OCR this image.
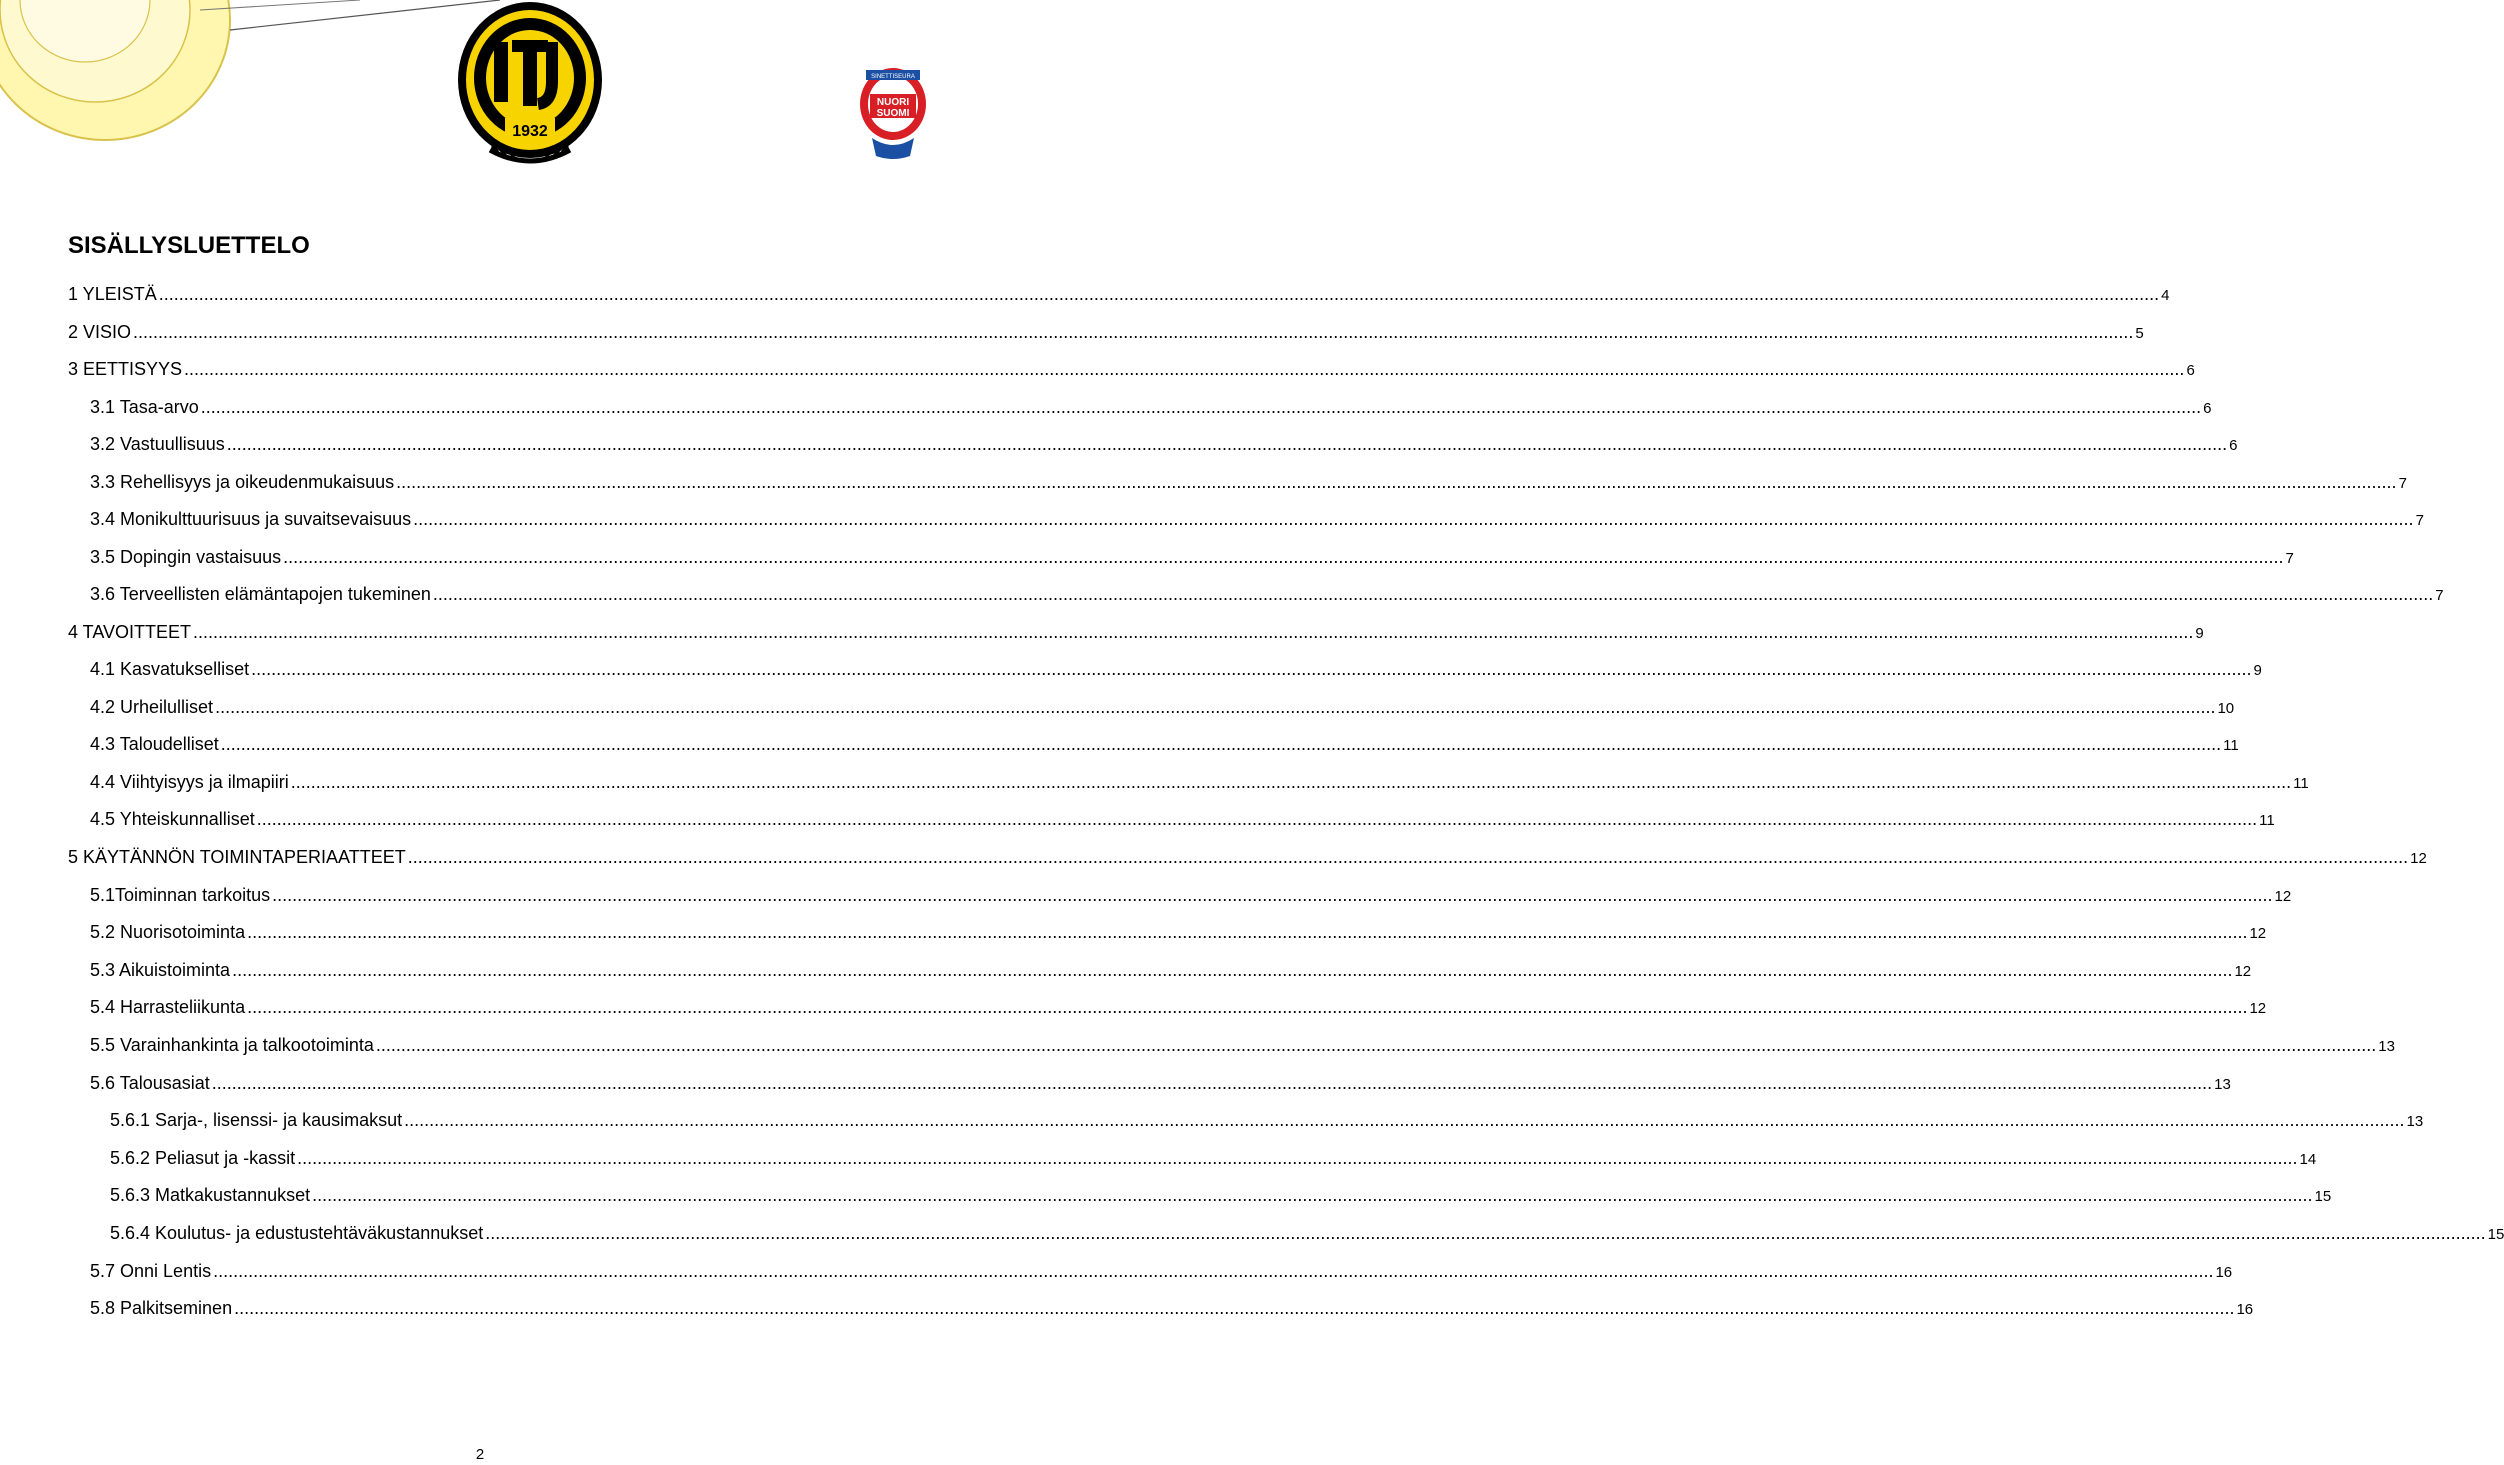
1932
SINETTISEURA
NUORI
SUOMI
SISÄLLYSLUETTELO
1 YLEISTÄ ................................................................................................................................................................................................................................................................................................................................................................................................................ 4
2 VISIO ................................................................................................................................................................................................................................................................................................................................................................................................................ 5
3 EETTISYYS ................................................................................................................................................................................................................................................................................................................................................................................................................ 6
3.1 Tasa-arvo ................................................................................................................................................................................................................................................................................................................................................................................................................ 6
3.2 Vastuullisuus ................................................................................................................................................................................................................................................................................................................................................................................................................ 6
3.3 Rehellisyys ja oikeudenmukaisuus ................................................................................................................................................................................................................................................................................................................................................................................................................ 7
3.4 Monikulttuurisuus ja suvaitsevaisuus ................................................................................................................................................................................................................................................................................................................................................................................................................ 7
3.5 Dopingin vastaisuus ................................................................................................................................................................................................................................................................................................................................................................................................................ 7
3.6 Terveellisten elämäntapojen tukeminen ................................................................................................................................................................................................................................................................................................................................................................................................................ 7
4 TAVOITTEET ................................................................................................................................................................................................................................................................................................................................................................................................................ 9
4.1 Kasvatukselliset ................................................................................................................................................................................................................................................................................................................................................................................................................ 9
4.2 Urheilulliset ................................................................................................................................................................................................................................................................................................................................................................................................................ 10
4.3 Taloudelliset ................................................................................................................................................................................................................................................................................................................................................................................................................ 11
4.4 Viihtyisyys ja ilmapiiri ................................................................................................................................................................................................................................................................................................................................................................................................................ 11
4.5 Yhteiskunnalliset ................................................................................................................................................................................................................................................................................................................................................................................................................ 11
5 KÄYTÄNNÖN TOIMINTAPERIAATTEET ................................................................................................................................................................................................................................................................................................................................................................................................................ 12
5.1Toiminnan tarkoitus ................................................................................................................................................................................................................................................................................................................................................................................................................ 12
5.2 Nuorisotoiminta ................................................................................................................................................................................................................................................................................................................................................................................................................ 12
5.3 Aikuistoiminta ................................................................................................................................................................................................................................................................................................................................................................................................................ 12
5.4 Harrasteliikunta ................................................................................................................................................................................................................................................................................................................................................................................................................ 12
5.5 Varainhankinta ja talkootoiminta ................................................................................................................................................................................................................................................................................................................................................................................................................ 13
5.6 Talousasiat ................................................................................................................................................................................................................................................................................................................................................................................................................ 13
5.6.1 Sarja-, lisenssi- ja kausimaksut ................................................................................................................................................................................................................................................................................................................................................................................................................ 13
5.6.2 Peliasut ja -kassit ................................................................................................................................................................................................................................................................................................................................................................................................................ 14
5.6.3 Matkakustannukset ................................................................................................................................................................................................................................................................................................................................................................................................................ 15
5.6.4 Koulutus- ja edustustehtäväkustannukset ................................................................................................................................................................................................................................................................................................................................................................................................................ 15
5.7 Onni Lentis ................................................................................................................................................................................................................................................................................................................................................................................................................ 16
5.8 Palkitseminen ................................................................................................................................................................................................................................................................................................................................................................................................................ 16
2
